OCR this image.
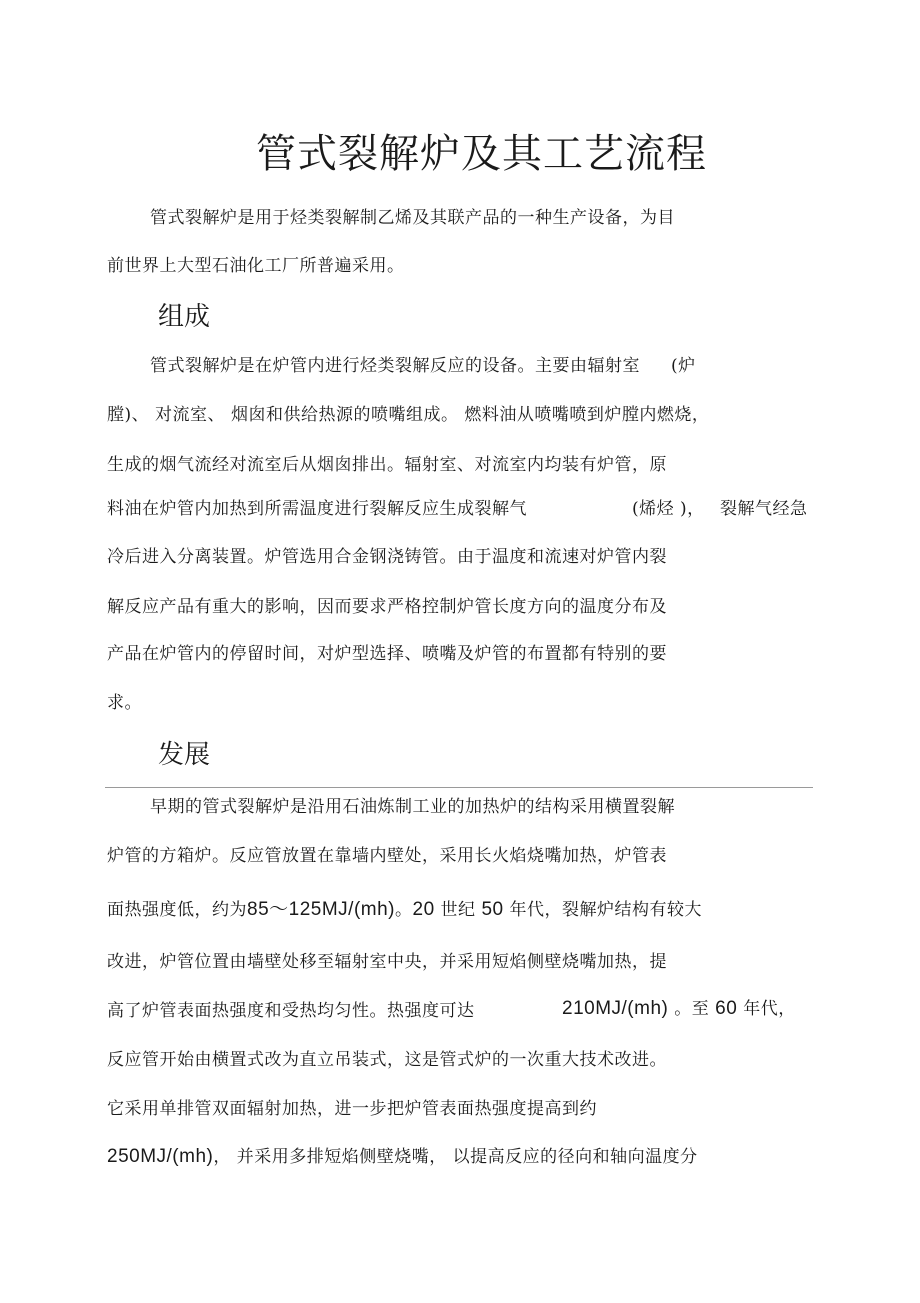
管式裂解炉及其工艺流程
管式裂解炉是用于烃类裂解制乙烯及其联产品的一种生产设备，为目
前世界上大型石油化工厂所普遍采用。
组成
管式裂解炉是在炉管内进行烃类裂解反应的设备。主要由辐射室 (炉
膛)、 对流室、 烟囱和供给热源的喷嘴组成。 燃料油从喷嘴喷到炉膛内燃烧，
生成的烟气流经对流室后从烟囱排出。辐射室、对流室内均装有炉管，原
料油在炉管内加热到所需温度进行裂解反应生成裂解气	(烯烃 )， 裂解气经急
冷后进入分离装置。炉管选用合金钢浇铸管。由于温度和流速对炉管内裂
解反应产品有重大的影响，因而要求严格控制炉管长度方向的温度分布及
产品在炉管内的停留时间，对炉型选择、喷嘴及炉管的布置都有特别的要
求。
发展
早期的管式裂解炉是沿用石油炼制工业的加热炉的结构采用横置裂解
炉管的方箱炉。反应管放置在靠墙内壁处，采用长火焰烧嘴加热，炉管表
面热强度低，约为85〜125MJ/(mh)。20 世纪 50 年代，裂解炉结构有较大
改进，炉管位置由墙壁处移至辐射室中央，并采用短焰侧壁烧嘴加热，提
高了炉管表面热强度和受热均匀性。热强度可达	210MJ/(mh) 。至 60 年代，
反应管开始由横置式改为直立吊装式，这是管式炉的一次重大技术改进。
它采用单排管双面辐射加热，进一步把炉管表面热强度提高到约
250MJ/(mh)， 并采用多排短焰侧壁烧嘴， 以提高反应的径向和轴向温度分
